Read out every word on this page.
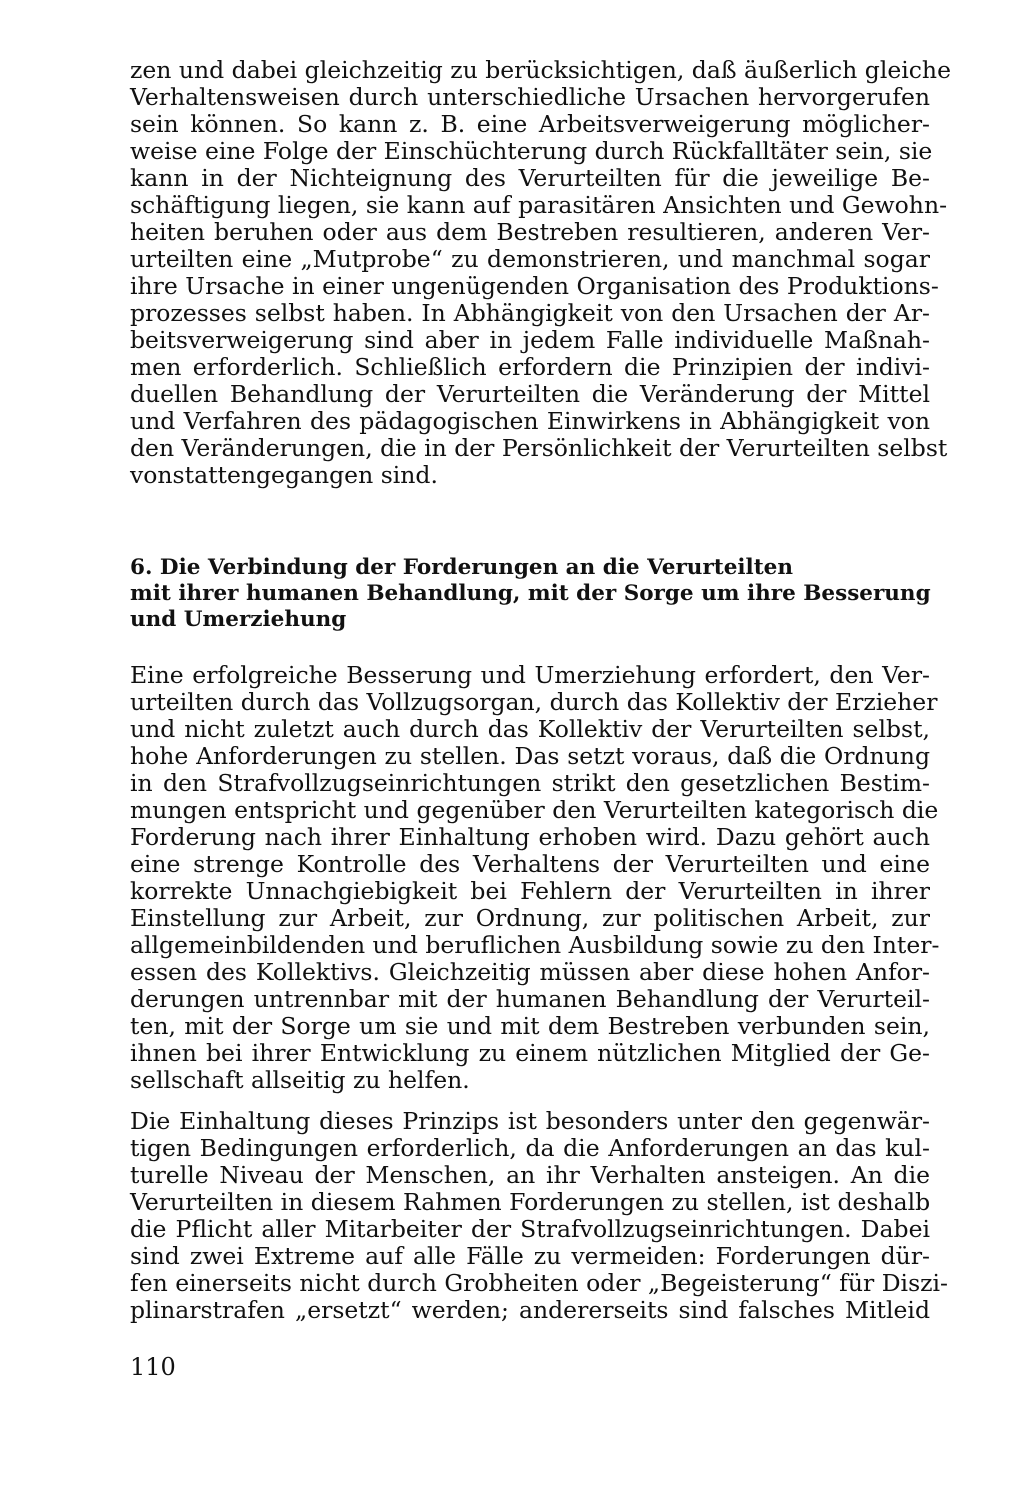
zen und dabei gleichzeitig zu berücksichtigen, daß äußerlich gleiche
Verhaltensweisen durch unterschiedliche Ursachen hervorgerufen
sein können. So kann z. B. eine Arbeitsverweigerung möglicher-
weise eine Folge der Einschüchterung durch Rückfalltäter sein, sie
kann in der Nichteignung des Verurteilten für die jeweilige Be-
schäftigung liegen, sie kann auf parasitären Ansichten und Gewohn-
heiten beruhen oder aus dem Bestreben resultieren, anderen Ver-
urteilten eine „Mutprobe“ zu demonstrieren, und manchmal sogar
ihre Ursache in einer ungenügenden Organisation des Produktions-
prozesses selbst haben. In Abhängigkeit von den Ursachen der Ar-
beitsverweigerung sind aber in jedem Falle individuelle Maßnah-
men erforderlich. Schließlich erfordern die Prinzipien der indivi-
duellen Behandlung der Verurteilten die Veränderung der Mittel
und Verfahren des pädagogischen Einwirkens in Abhängigkeit von
den Veränderungen, die in der Persönlichkeit der Verurteilten selbst
vonstattengegangen sind.
6. Die Verbindung der Forderungen an die Verurteilten
mit ihrer humanen Behandlung, mit der Sorge um ihre Besserung
und Umerziehung
Eine erfolgreiche Besserung und Umerziehung erfordert, den Ver-
urteilten durch das Vollzugsorgan, durch das Kollektiv der Erzieher
und nicht zuletzt auch durch das Kollektiv der Verurteilten selbst,
hohe Anforderungen zu stellen. Das setzt voraus, daß die Ordnung
in den Strafvollzugseinrichtungen strikt den gesetzlichen Bestim-
mungen entspricht und gegenüber den Verurteilten kategorisch die
Forderung nach ihrer Einhaltung erhoben wird. Dazu gehört auch
eine strenge Kontrolle des Verhaltens der Verurteilten und eine
korrekte Unnachgiebigkeit bei Fehlern der Verurteilten in ihrer
Einstellung zur Arbeit, zur Ordnung, zur politischen Arbeit, zur
allgemeinbildenden und beruflichen Ausbildung sowie zu den Inter-
essen des Kollektivs. Gleichzeitig müssen aber diese hohen Anfor-
derungen untrennbar mit der humanen Behandlung der Verurteil-
ten, mit der Sorge um sie und mit dem Bestreben verbunden sein,
ihnen bei ihrer Entwicklung zu einem nützlichen Mitglied der Ge-
sellschaft allseitig zu helfen.
Die Einhaltung dieses Prinzips ist besonders unter den gegenwär-
tigen Bedingungen erforderlich, da die Anforderungen an das kul-
turelle Niveau der Menschen, an ihr Verhalten ansteigen. An die
Verurteilten in diesem Rahmen Forderungen zu stellen, ist deshalb
die Pflicht aller Mitarbeiter der Strafvollzugseinrichtungen. Dabei
sind zwei Extreme auf alle Fälle zu vermeiden: Forderungen dür-
fen einerseits nicht durch Grobheiten oder „Begeisterung“ für Diszi-
plinarstrafen „ersetzt“ werden; andererseits sind falsches Mitleid
110
